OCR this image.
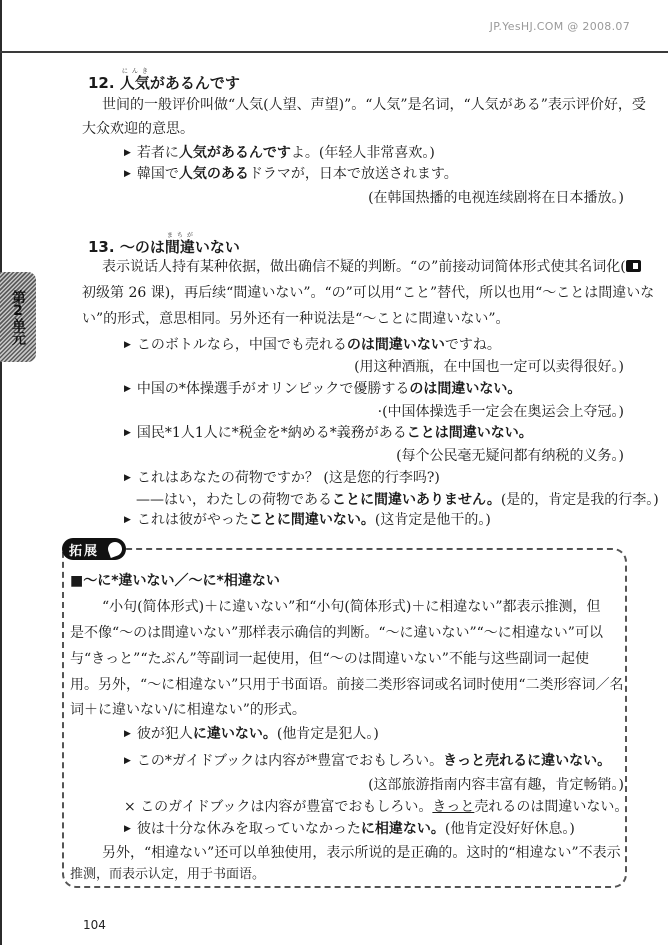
JP.YesHJ.COM @ 2008.07
第2单元
12. 人気にんきがあるんです
世间的一般评价叫做“人気(人望、声望)”。“人気”是名词，“人気がある”表示评价好，受
大众欢迎的意思。
▶ 若者に人気があるんですよ。(年轻人非常喜欢。)
▶ 韓国で人気のあるドラマが，日本で放送されます。
(在韩国热播的电视连续剧将在日本播放。)
13. ～のは間違まちがいない
表示说话人持有某种依据，做出确信不疑的判断。“の”前接动词简体形式使其名词化(
初级第 26 课)，再后续“間違いない”。“の”可以用“こと”替代，所以也用“～ことは間違いな
い”的形式，意思相同。另外还有一种说法是“～ことに間違いない”。
▶ このボトルなら，中国でも売れるのは間違いないですね。
(用这种酒瓶，在中国也一定可以卖得很好。)
▶ 中国の*体操選手がオリンピックで優勝するのは間違いない。
·(中国体操选手一定会在奥运会上夺冠。)
▶ 国民*1人1人に*税金を*納める*義務があることは間違いない。
(每个公民毫无疑问都有纳税的义务。)
▶ これはあなたの荷物ですか？ (这是您的行李吗?)
——はい，わたしの荷物であることに間違いありません。(是的，肯定是我的行李。)
▶ これは彼がやったことに間違いない。(这肯定是他干的。)
拓展
■～に*違いない／～に*相違ない
“小句(简体形式)＋に違いない”和“小句(简体形式)＋に相違ない”都表示推测，但
是不像“～のは間違いない”那样表示确信的判断。“～に違いない”“～に相違ない”可以
与“きっと”“たぶん”等副词一起使用，但“～のは間違いない”不能与这些副词一起使
用。另外，“～に相違ない”只用于书面语。前接二类形容词或名词时使用“二类形容词／名
词＋に違いない/に相違ない”的形式。
▶ 彼が犯人に違いない。(他肯定是犯人。)
▶ この*ガイドブックは内容が*豊富でおもしろい。きっと売れるに違いない。
(这部旅游指南内容丰富有趣，肯定畅销。)
× このガイドブックは内容が豊富でおもしろい。きっと売れるのは間違いない。
▶ 彼は十分な休みを取っていなかったに相違ない。(他肯定没好好休息。)
另外，“相違ない”还可以单独使用，表示所说的是正确的。这时的“相違ない”不表示
推测，而表示认定，用于书面语。
104
